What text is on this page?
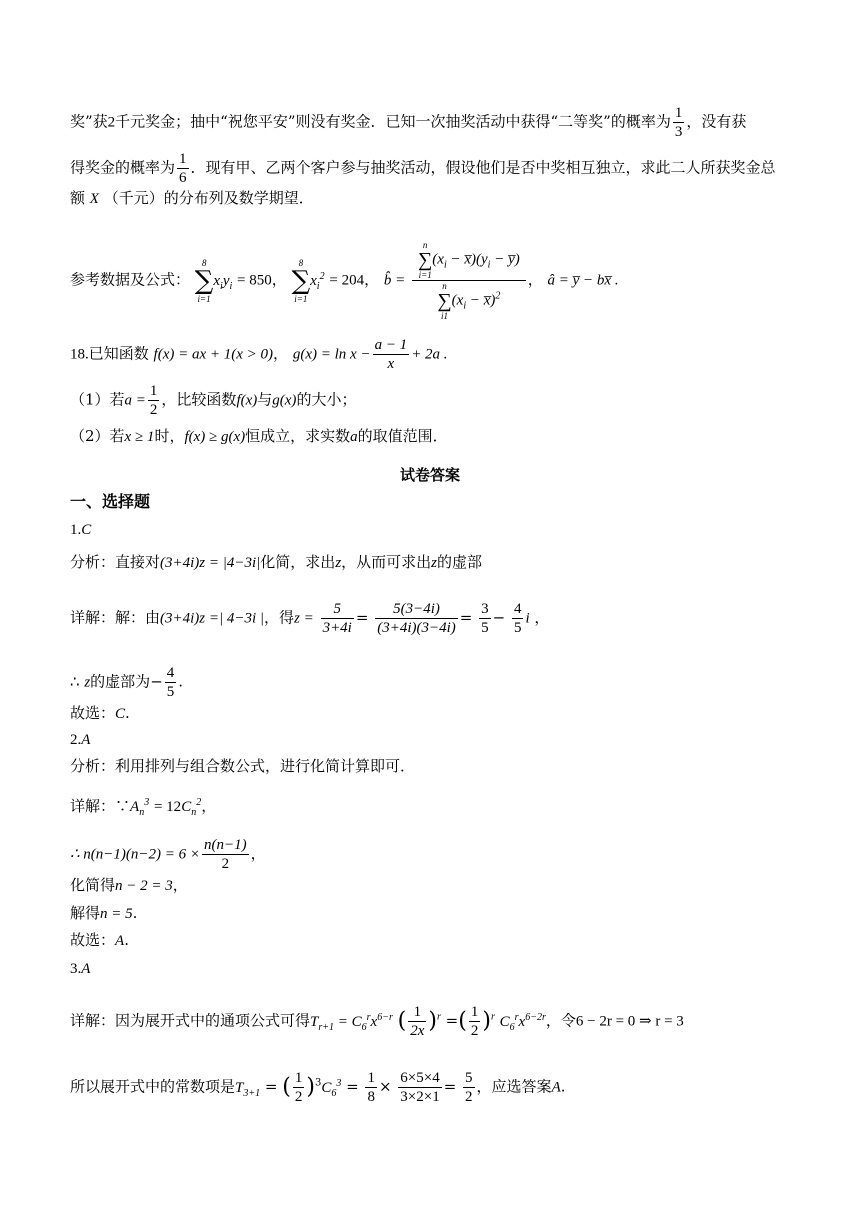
奖”获2千元奖金；抽中“祝您平安”则没有奖金．已知一次抽奖活动中获得“二等奖”的概率为 $\frac{1}{3}$ ，没有获
得奖金的概率为 $\frac{1}{6}$ ．现有甲、乙两个客户参与抽奖活动，假设他们是否中奖相互独立，求此二人所获奖金总
额 X （千元）的分布列及数学期望．
参考数据及公式：
8
∑
i=1
$x_iy_i = 850$，
8
∑
i=1
$x_i^2 = 204$， b̂ = n
∑
i=1
($x_i$ − $x̅)(y_i$ − y̅)
n
∑
i1
($x_i$ − x̅)$^2$ ， â = y̅ − bx̅ .
18.已知函数 f(x) = ax + 1(x > 0)， $g(x) = \ln x - \frac{a - 1}{x} + 2a$ .
（1）若$a = \frac{1}{2}$ ，比较函数f(x)与g(x)的大小；
（2）若x ≥ 1时，f(x) ≥ g(x)恒成立，求实数a的取值范围．
试卷答案
一、选择题
1.C
分析：直接对(3+4i)z = |4−3i|化简，求出z，从而可求出z的虚部
详解：解：由(3+4i)z =| 4−3i |，得$z = \frac{5}{3+4i} = \frac{5(3-4i)}{(3+4i)(3-4i)} = \frac{3}{5} - \frac{4}{5}$ i ，
∴ z的虚部为− $\frac{4}{5}$ .
故选：C.
2.A
分析：利用排列与组合数公式，进行化简计算即可．
详解：$\because A_n^3 = 12C_n^2$，
∴ $n(n-1)(n-2) = 6 \times \frac{n(n-1)}{2}$ ，
化简得n − 2 = 3，
解得n = 5.
故选：A.
3.A
详解：因为展开式中的通项公式可得$T_{r+1} = C_6^rx^{6-r}$ ( $\frac{1}{2x} )^r$ =( $\frac{1}{2} )^r$ $C_6^rx^{6-2r}$，令6 − 2r = 0 ⇒ r = 3
所以展开式中的常数项是$T_{3+1}$ = ( $\frac{1}{2} )^3C_6^3 = \frac{1}{8} \times \frac{6\times 5\times 4}{3\times 2\times 1} = \frac{5}{2}$ ，应选答案A.
